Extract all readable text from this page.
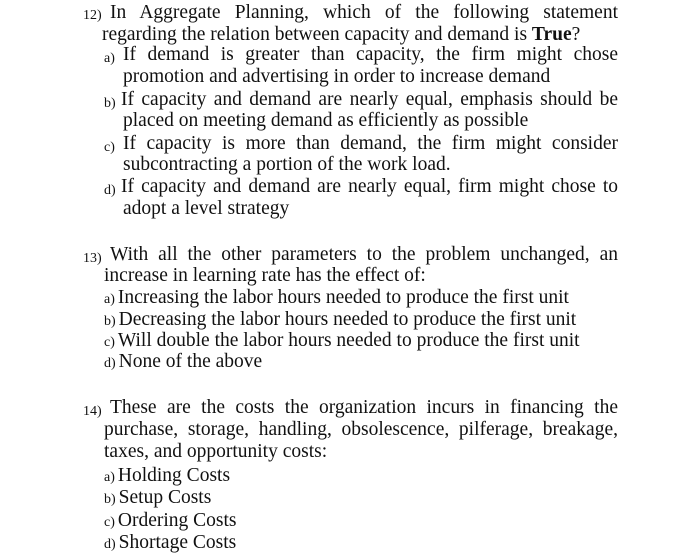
12) In Aggregate Planning, which of the following statement
regarding the relation between capacity and demand is True?
a) If demand is greater than capacity, the firm might chose
promotion and advertising in order to increase demand
b) If capacity and demand are nearly equal, emphasis should be
placed on meeting demand as efficiently as possible
c) If capacity is more than demand, the firm might consider
subcontracting a portion of the work load.
d) If capacity and demand are nearly equal, firm might chose to
adopt a level strategy
13) With all the other parameters to the problem unchanged, an
increase in learning rate has the effect of:
a) Increasing the labor hours needed to produce the first unit
b) Decreasing the labor hours needed to produce the first unit
c) Will double the labor hours needed to produce the first unit
d) None of the above
14) These are the costs the organization incurs in financing the
purchase, storage, handling, obsolescence, pilferage, breakage,
taxes, and opportunity costs:
a) Holding Costs
b) Setup Costs
c) Ordering Costs
d) Shortage Costs
